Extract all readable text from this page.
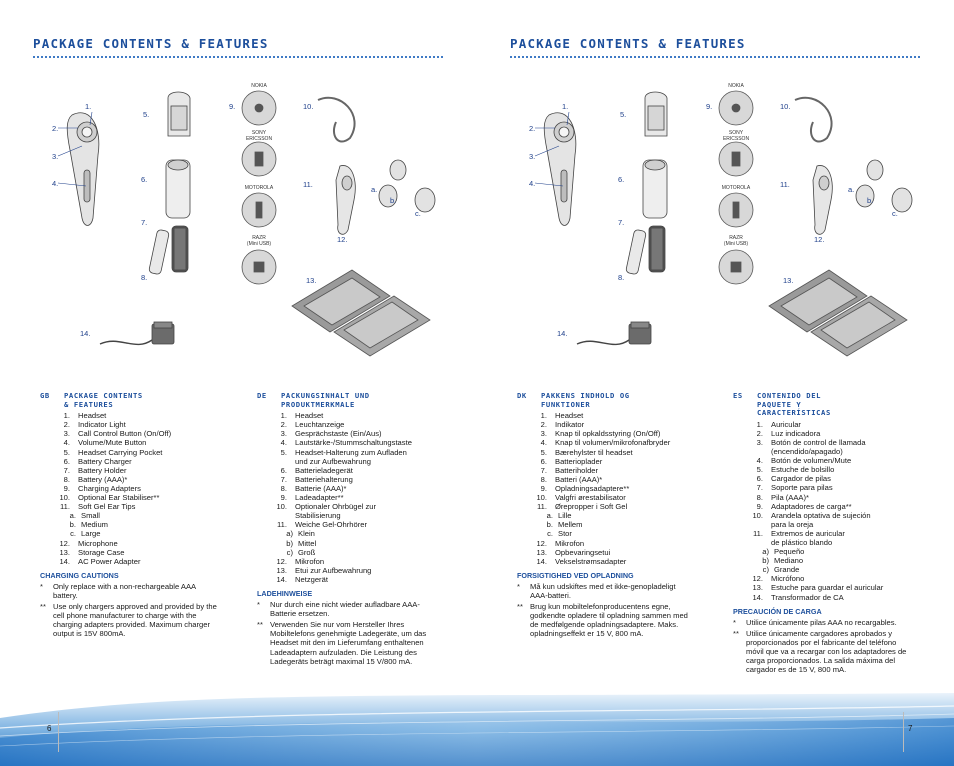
PACKAGE CONTENTS & FEATURES
1.
2.
3.
4.
5.
6.
7.
8.
9.	10.
11.
12.
13.
14.
a.
b.
c.
NOKIA
SONY
ERICSSON
MOTOROLA
RAZR
(Mini USB)
GB	PACKAGE CONTENTS
& FEATURES
1.	Headset
2.	Indicator Light
3.	Call Control Button (On/Off)
4.	Volume/Mute Button
5.	Headset Carrying Pocket
6.	Battery Charger
7.	Battery Holder
8.	Battery (AAA)*
9.	Charging Adapters
10.	Optional Ear Stabiliser**
11.	Soft Gel Ear Tips
a. Small
b. Medium
c. Large
12.	Microphone
13.	Storage Case
14.	AC Power Adapter
CHARGING CAUTIONS
*	Only replace with a non-rechargeable AAA
battery.
** Use only chargers approved and provided by the
cell phone manufacturer to charge with the
charging adapters provided. Maximum charger
output is 15V 800mA.
DE	PACKUNGSINHALT UND
PRODUKTMERKMALE
1.	Headset
2.	Leuchtanzeige
3.	Gesprächstaste (Ein/Aus)
4.	Lautstärke-/Stummschaltungstaste
5.	Headset-Halterung zum Aufladen
und zur Aufbewahrung
6.	Batterieladegerät
7.	Batteriehalterung
8.	Batterie (AAA)*
9.	Ladeadapter**
10.	Optionaler Ohrbügel zur
Stabilisierung
11.	Weiche Gel-Ohrhörer
a) Klein
b) Mittel
c) Groß
12.	Mikrofon
13.	Etui zur Aufbewahrung
14.	Netzgerät
LADEHINWEISE
*	Nur durch eine nicht wieder aufladbare AAA-
Batterie ersetzen.
** Verwenden Sie nur vom Hersteller Ihres
Mobiltelefons genehmigte Ladegeräte, um das
Headset mit den im Lieferumfang enthaltenen
Ladeadaptern aufzuladen. Die Leistung des
Ladegeräts beträgt maximal 15 V/800 mA.
6
PACKAGE CONTENTS & FEATURES
1.
2.
3.
4.
5.
6.
7.
8.
9.	10.
11.
12.
13.
14.
a.
b.
c.
NOKIA
SONY
ERICSSON
MOTOROLA
RAZR
(Mini USB)
DK	PAKKENS INDHOLD OG
FUNKTIONER
1.	Headset
2.	Indikator
3.	Knap til opkaldsstyring (On/Off)
4.	Knap til volumen/mikrofonafbryder
5.	Bærehylster til headset
6.	Batterioplader
7.	Batteriholder
8.	Batteri (AAA)*
9.	Opladningsadaptere**
10.	Valgfri ørestabilisator
11.	Ørepropper i Soft Gel
a. Lille
b. Mellem
c. Stor
12.	Mikrofon
13.	Opbevaringsetui
14.	Vekselstrømsadapter
FORSIGTIGHED VED OPLADNING
*	Må kun udskiftes med et ikke-genopladeligt
AAA-batteri.
** Brug kun mobiltelefonproducentens egne,
godkendte opladere til opladning sammen med
de medfølgende opladningsadaptere. Maks.
opladningseffekt er 15 V, 800 mA.
ES	CONTENIDO DEL
PAQUETE Y
CARACTERÍSTICAS
1.	Auricular
2.	Luz indicadora
3.	Botón de control de llamada
(encendido/apagado)
4.	Botón de volumen/Mute
5.	Estuche de bolsillo
6.	Cargador de pilas
7.	Soporte para pilas
8.	Pila (AAA)*
9.	Adaptadores de carga**
10.	Arandela optativa de sujeción
para la oreja
11.	Extremos de auricular
de plástico blando
a) Pequeño
b) Mediano
c) Grande
12.	Micrófono
13.	Estuche para guardar el auricular
14.	Transformador de CA
PRECAUCIÓN DE CARGA
*	Utilice únicamente pilas AAA no recargables.
** Utilice únicamente cargadores aprobados y
proporcionados por el fabricante del teléfono
móvil que va a recargar con los adaptadores de
carga proporcionados. La salida máxima del
cargador es de 15 V, 800 mA.
7
